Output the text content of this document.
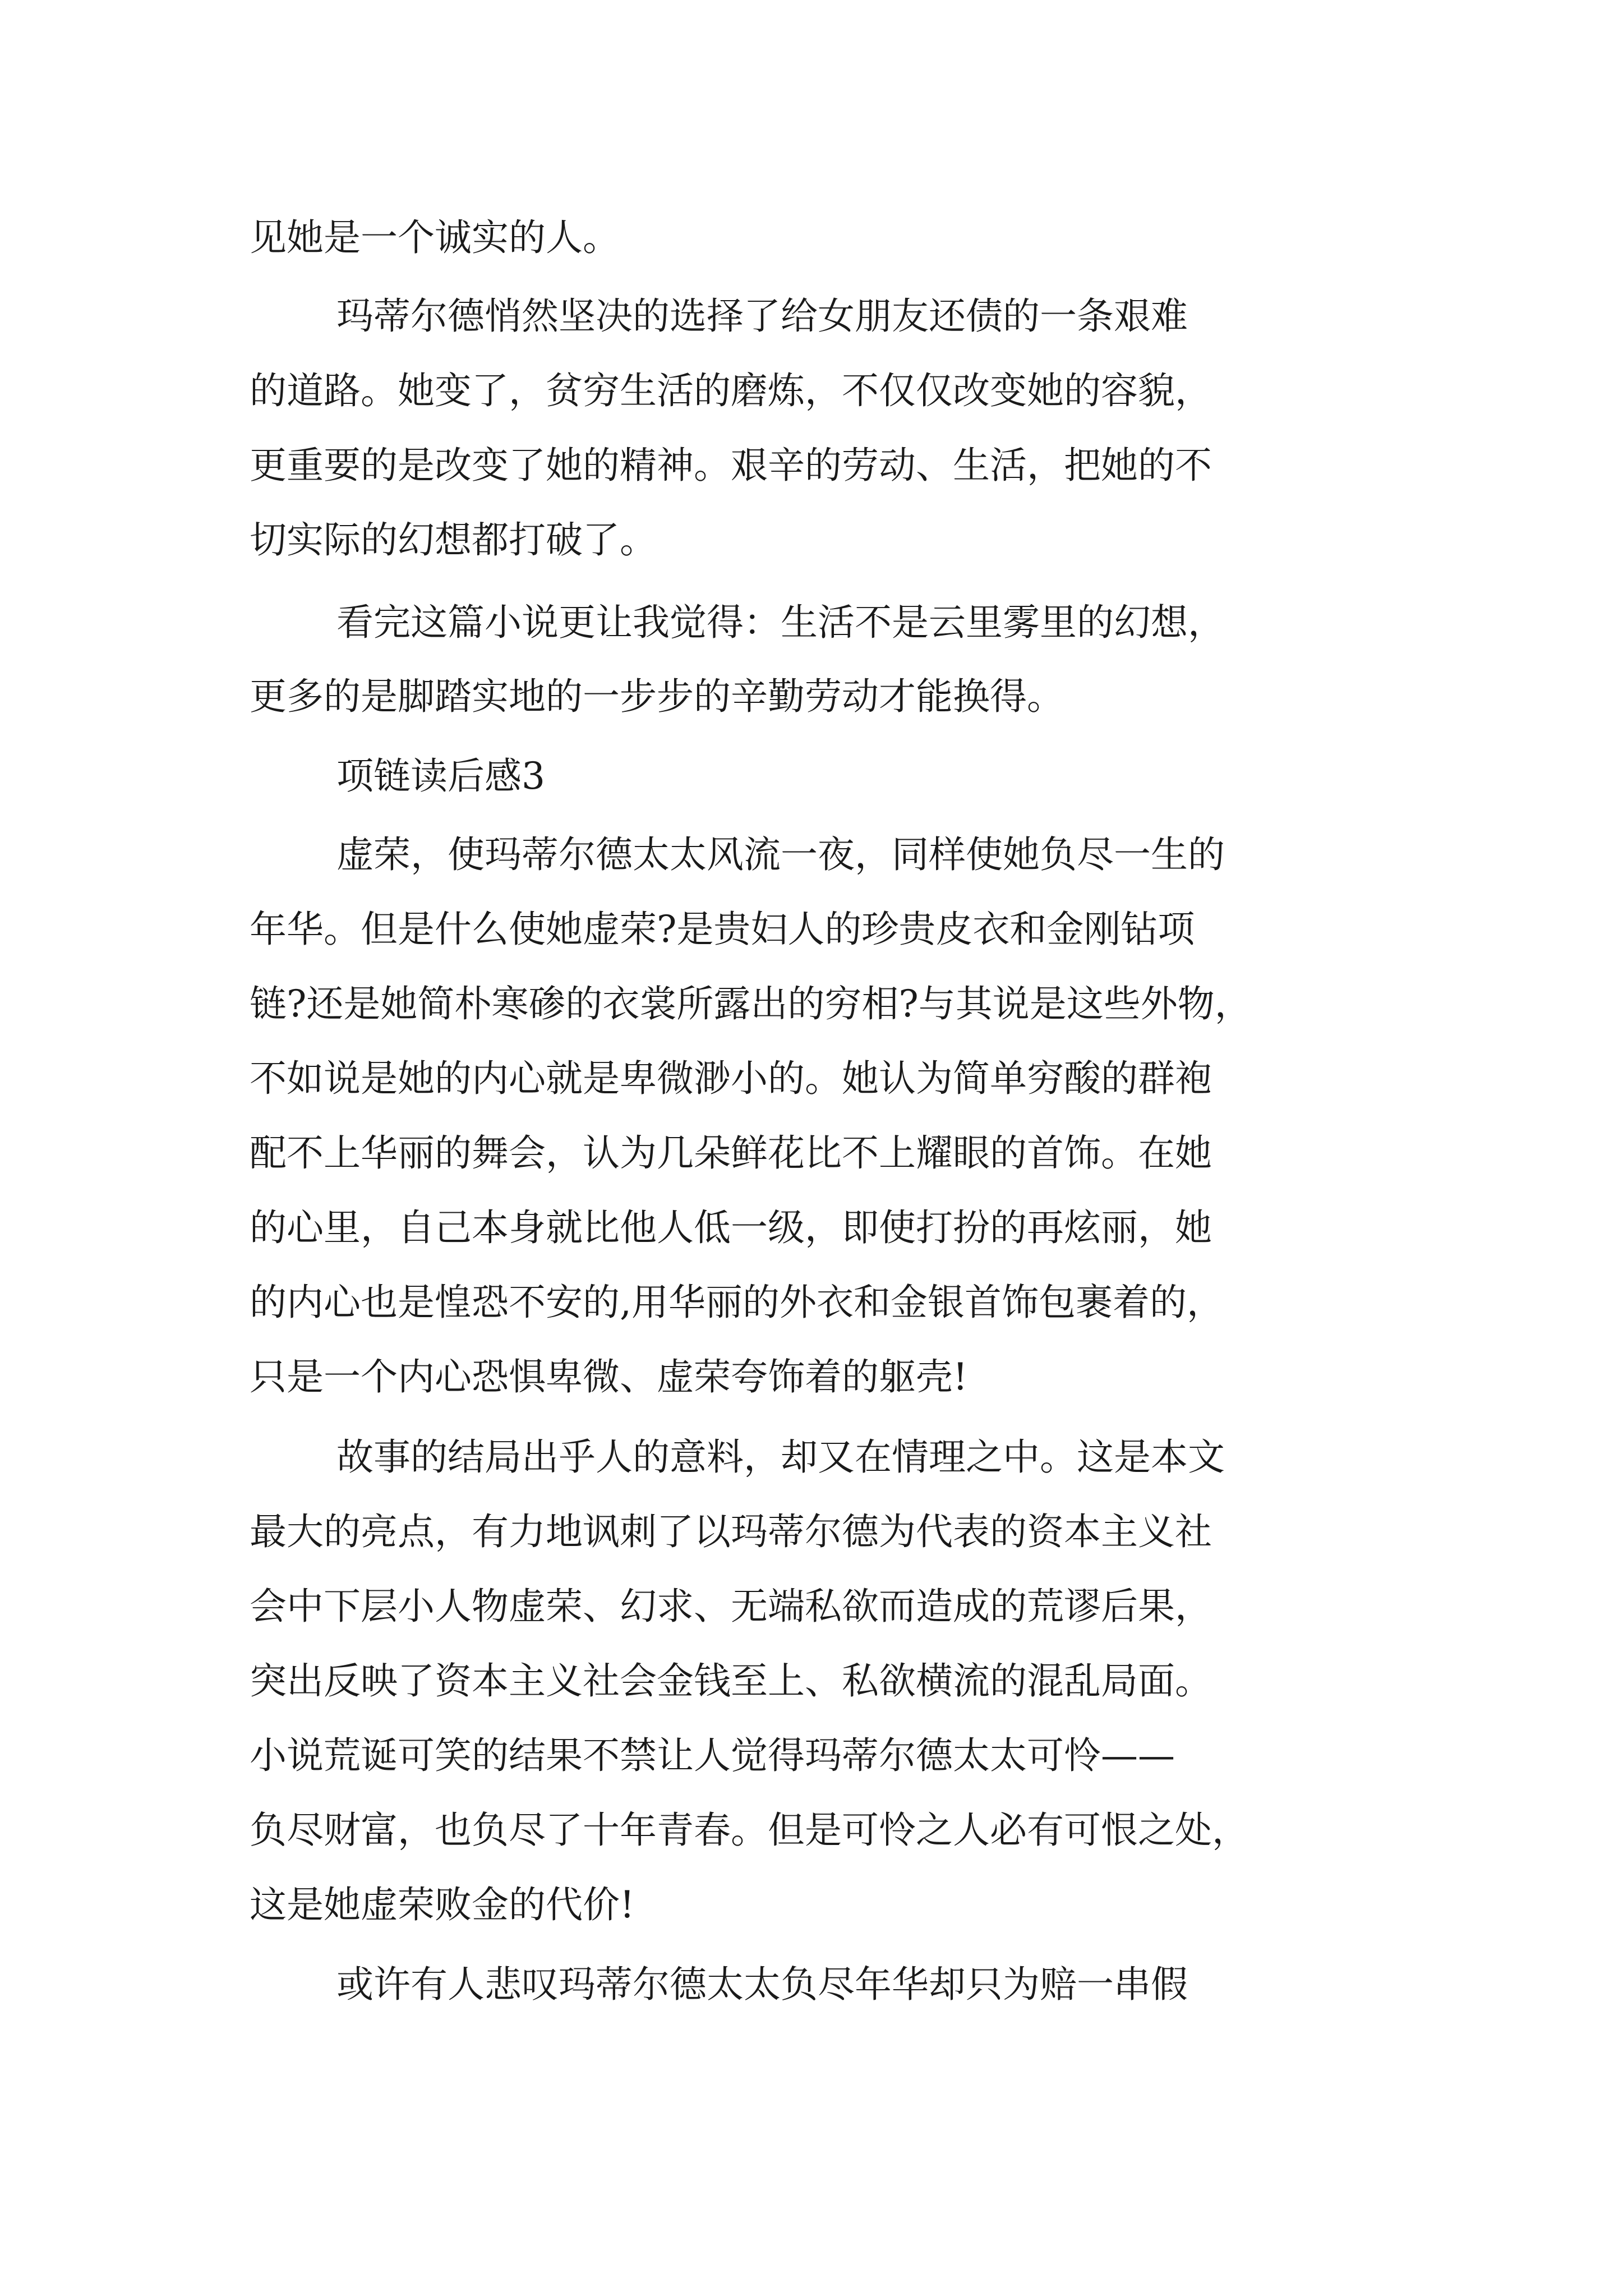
见她是一个诚实的人。
玛蒂尔德悄然坚决的选择了给女朋友还债的一条艰难
的道路。她变了，贫穷生活的磨炼，不仅仅改变她的容貌，
更重要的是改变了她的精神。艰辛的劳动、生活，把她的不
切实际的幻想都打破了。
看完这篇小说更让我觉得：生活不是云里雾里的幻想，
更多的是脚踏实地的一步步的辛勤劳动才能换得。
项链读后感3
虚荣，使玛蒂尔德太太风流一夜，同样使她负尽一生的
年华。但是什么使她虚荣?是贵妇人的珍贵皮衣和金刚钻项
链?还是她简朴寒碜的衣裳所露出的穷相?与其说是这些外物，
不如说是她的内心就是卑微渺小的。她认为简单穷酸的群袍
配不上华丽的舞会，认为几朵鲜花比不上耀眼的首饰。在她
的心里，自己本身就比他人低一级，即使打扮的再炫丽，她
的内心也是惶恐不安的,用华丽的外衣和金银首饰包裹着的，
只是一个内心恐惧卑微、虚荣夸饰着的躯壳!
故事的结局出乎人的意料，却又在情理之中。这是本文
最大的亮点，有力地讽刺了以玛蒂尔德为代表的资本主义社
会中下层小人物虚荣、幻求、无端私欲而造成的荒谬后果，
突出反映了资本主义社会金钱至上、私欲横流的混乱局面。
小说荒诞可笑的结果不禁让人觉得玛蒂尔德太太可怜——
负尽财富，也负尽了十年青春。但是可怜之人必有可恨之处，
这是她虚荣败金的代价!
或许有人悲叹玛蒂尔德太太负尽年华却只为赔一串假
